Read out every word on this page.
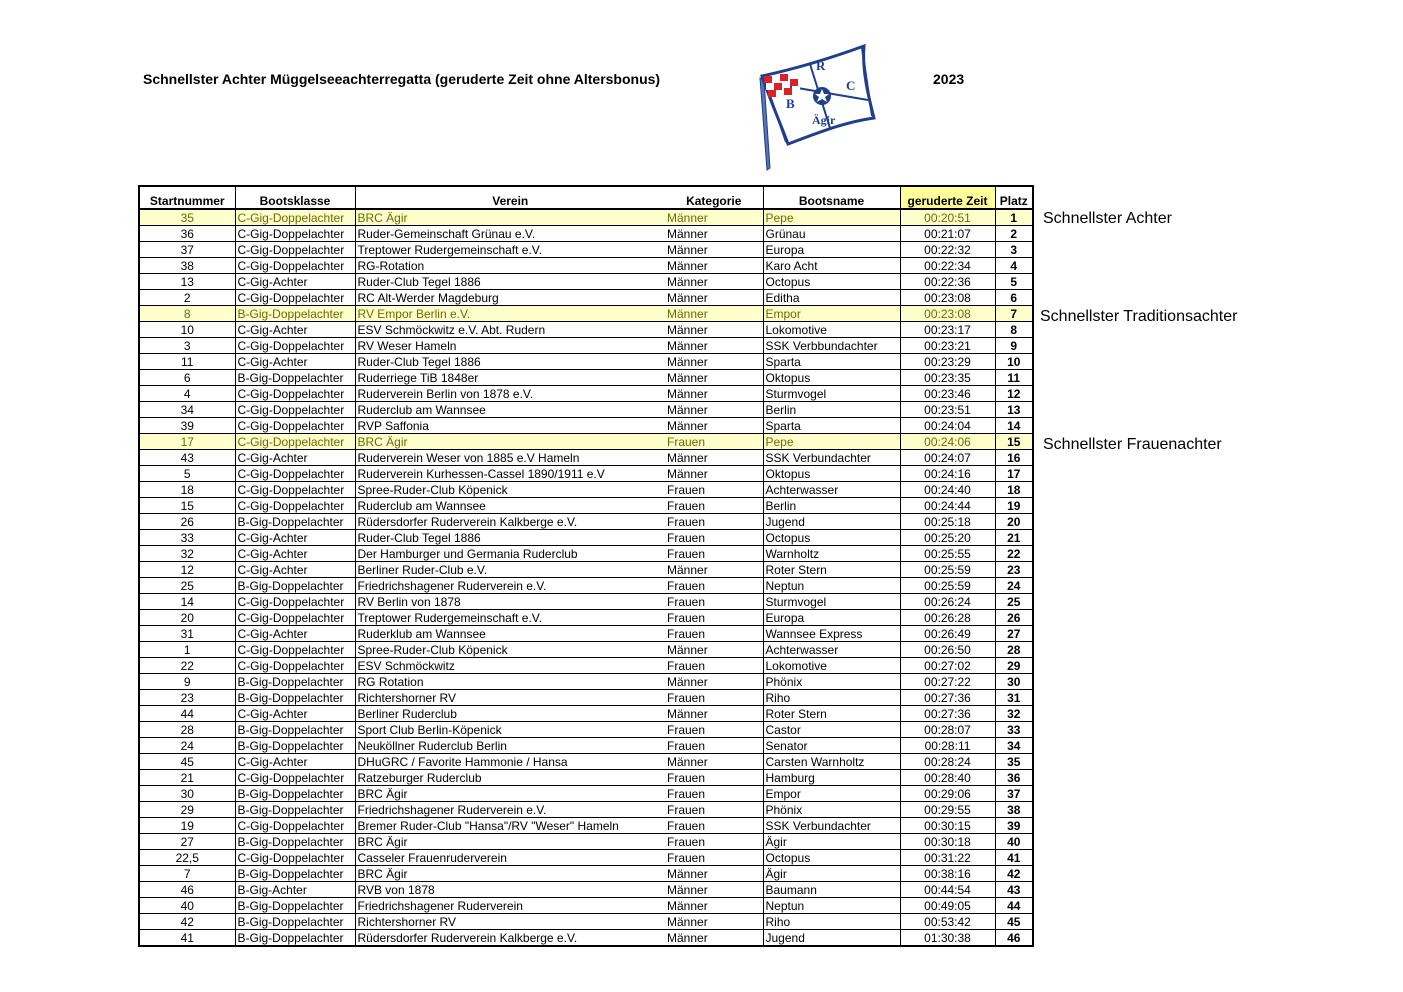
Schnellster Achter Müggelseeachterregatta (geruderte Zeit ohne Altersbonus)	2023
R
B
C
Ägir
Startnummer	Bootsklasse	Verein	Kategorie	Bootsname	geruderte Zeit	Platz
35	C-Gig-Doppelachter	BRC Ägir	Männer	Pepe	00:20:51	1
36	C-Gig-Doppelachter	Ruder-Gemeinschaft Grünau e.V.	Männer	Grünau	00:21:07	2
37	C-Gig-Doppelachter	Treptower Rudergemeinschaft e.V.	Männer	Europa	00:22:32	3
38	C-Gig-Doppelachter	RG-Rotation	Männer	Karo Acht	00:22:34	4
13	C-Gig-Achter	Ruder-Club Tegel 1886	Männer	Octopus	00:22:36	5
2	C-Gig-Doppelachter	RC Alt-Werder Magdeburg	Männer	Editha	00:23:08	6
8	B-Gig-Doppelachter	RV Empor Berlin e.V.	Männer	Empor	00:23:08	7
10	C-Gig-Achter	ESV Schmöckwitz e.V. Abt. Rudern	Männer	Lokomotive	00:23:17	8
3	C-Gig-Doppelachter	RV Weser Hameln	Männer	SSK Verbbundachter	00:23:21	9
11	C-Gig-Achter	Ruder-Club Tegel 1886	Männer	Sparta	00:23:29	10
6	B-Gig-Doppelachter	Ruderriege TiB 1848er	Männer	Oktopus	00:23:35	11
4	C-Gig-Doppelachter	Ruderverein Berlin von 1878 e.V.	Männer	Sturmvogel	00:23:46	12
34	C-Gig-Doppelachter	Ruderclub am Wannsee	Männer	Berlin	00:23:51	13
39	C-Gig-Doppelachter	RVP Saffonia	Männer	Sparta	00:24:04	14
17	C-Gig-Doppelachter	BRC Ägir	Frauen	Pepe	00:24:06	15
43	C-Gig-Achter	Ruderverein Weser von 1885 e.V Hameln	Männer	SSK Verbundachter	00:24:07	16
5	C-Gig-Doppelachter	Ruderverein Kurhessen-Cassel 1890/1911 e.V	Männer	Oktopus	00:24:16	17
18	C-Gig-Doppelachter	Spree-Ruder-Club Köpenick	Frauen	Achterwasser	00:24:40	18
15	C-Gig-Doppelachter	Ruderclub am Wannsee	Frauen	Berlin	00:24:44	19
26	B-Gig-Doppelachter	Rüdersdorfer Ruderverein Kalkberge e.V.	Frauen	Jugend	00:25:18	20
33	C-Gig-Achter	Ruder-Club Tegel 1886	Frauen	Octopus	00:25:20	21
32	C-Gig-Achter	Der Hamburger und Germania Ruderclub	Frauen	Warnholtz	00:25:55	22
12	C-Gig-Achter	Berliner Ruder-Club e.V.	Männer	Roter Stern	00:25:59	23
25	B-Gig-Doppelachter	Friedrichshagener Ruderverein e.V.	Frauen	Neptun	00:25:59	24
14	C-Gig-Doppelachter	RV Berlin von 1878	Frauen	Sturmvogel	00:26:24	25
20	C-Gig-Doppelachter	Treptower Rudergemeinschaft e.V.	Frauen	Europa	00:26:28	26
31	C-Gig-Achter	Ruderklub am Wannsee	Frauen	Wannsee Express	00:26:49	27
1	C-Gig-Doppelachter	Spree-Ruder-Club Köpenick	Männer	Achterwasser	00:26:50	28
22	C-Gig-Doppelachter	ESV Schmöckwitz	Frauen	Lokomotive	00:27:02	29
9	B-Gig-Doppelachter	RG Rotation	Männer	Phönix	00:27:22	30
23	B-Gig-Doppelachter	Richtershorner RV	Frauen	Riho	00:27:36	31
44	C-Gig-Achter	Berliner Ruderclub	Männer	Roter Stern	00:27:36	32
28	B-Gig-Doppelachter	Sport Club Berlin-Köpenick	Frauen	Castor	00:28:07	33
24	B-Gig-Doppelachter	Neuköllner Ruderclub Berlin	Frauen	Senator	00:28:11	34
45	C-Gig-Achter	DHuGRC / Favorite Hammonie / Hansa	Männer	Carsten Warnholtz	00:28:24	35
21	C-Gig-Doppelachter	Ratzeburger Ruderclub	Frauen	Hamburg	00:28:40	36
30	B-Gig-Doppelachter	BRC Ägir	Frauen	Empor	00:29:06	37
29	B-Gig-Doppelachter	Friedrichshagener Ruderverein e.V.	Frauen	Phönix	00:29:55	38
19	C-Gig-Doppelachter	Bremer Ruder-Club "Hansa"/RV "Weser" Hameln	Frauen	SSK Verbundachter	00:30:15	39
27	B-Gig-Doppelachter	BRC Ägir	Frauen	Ägir	00:30:18	40
22,5	C-Gig-Doppelachter	Casseler Frauenruderverein	Frauen	Octopus	00:31:22	41
7	B-Gig-Doppelachter	BRC Ägir	Männer	Ägir	00:38:16	42
46	B-Gig-Achter	RVB von 1878	Männer	Baumann	00:44:54	43
40	B-Gig-Doppelachter	Friedrichshagener Ruderverein	Männer	Neptun	00:49:05	44
42	B-Gig-Doppelachter	Richtershorner RV	Männer	Riho	00:53:42	45
41	B-Gig-Doppelachter	Rüdersdorfer Ruderverein Kalkberge e.V.	Männer	Jugend	01:30:38	46
Schnellster Achter
Schnellster Traditionsachter
Schnellster Frauenachter
